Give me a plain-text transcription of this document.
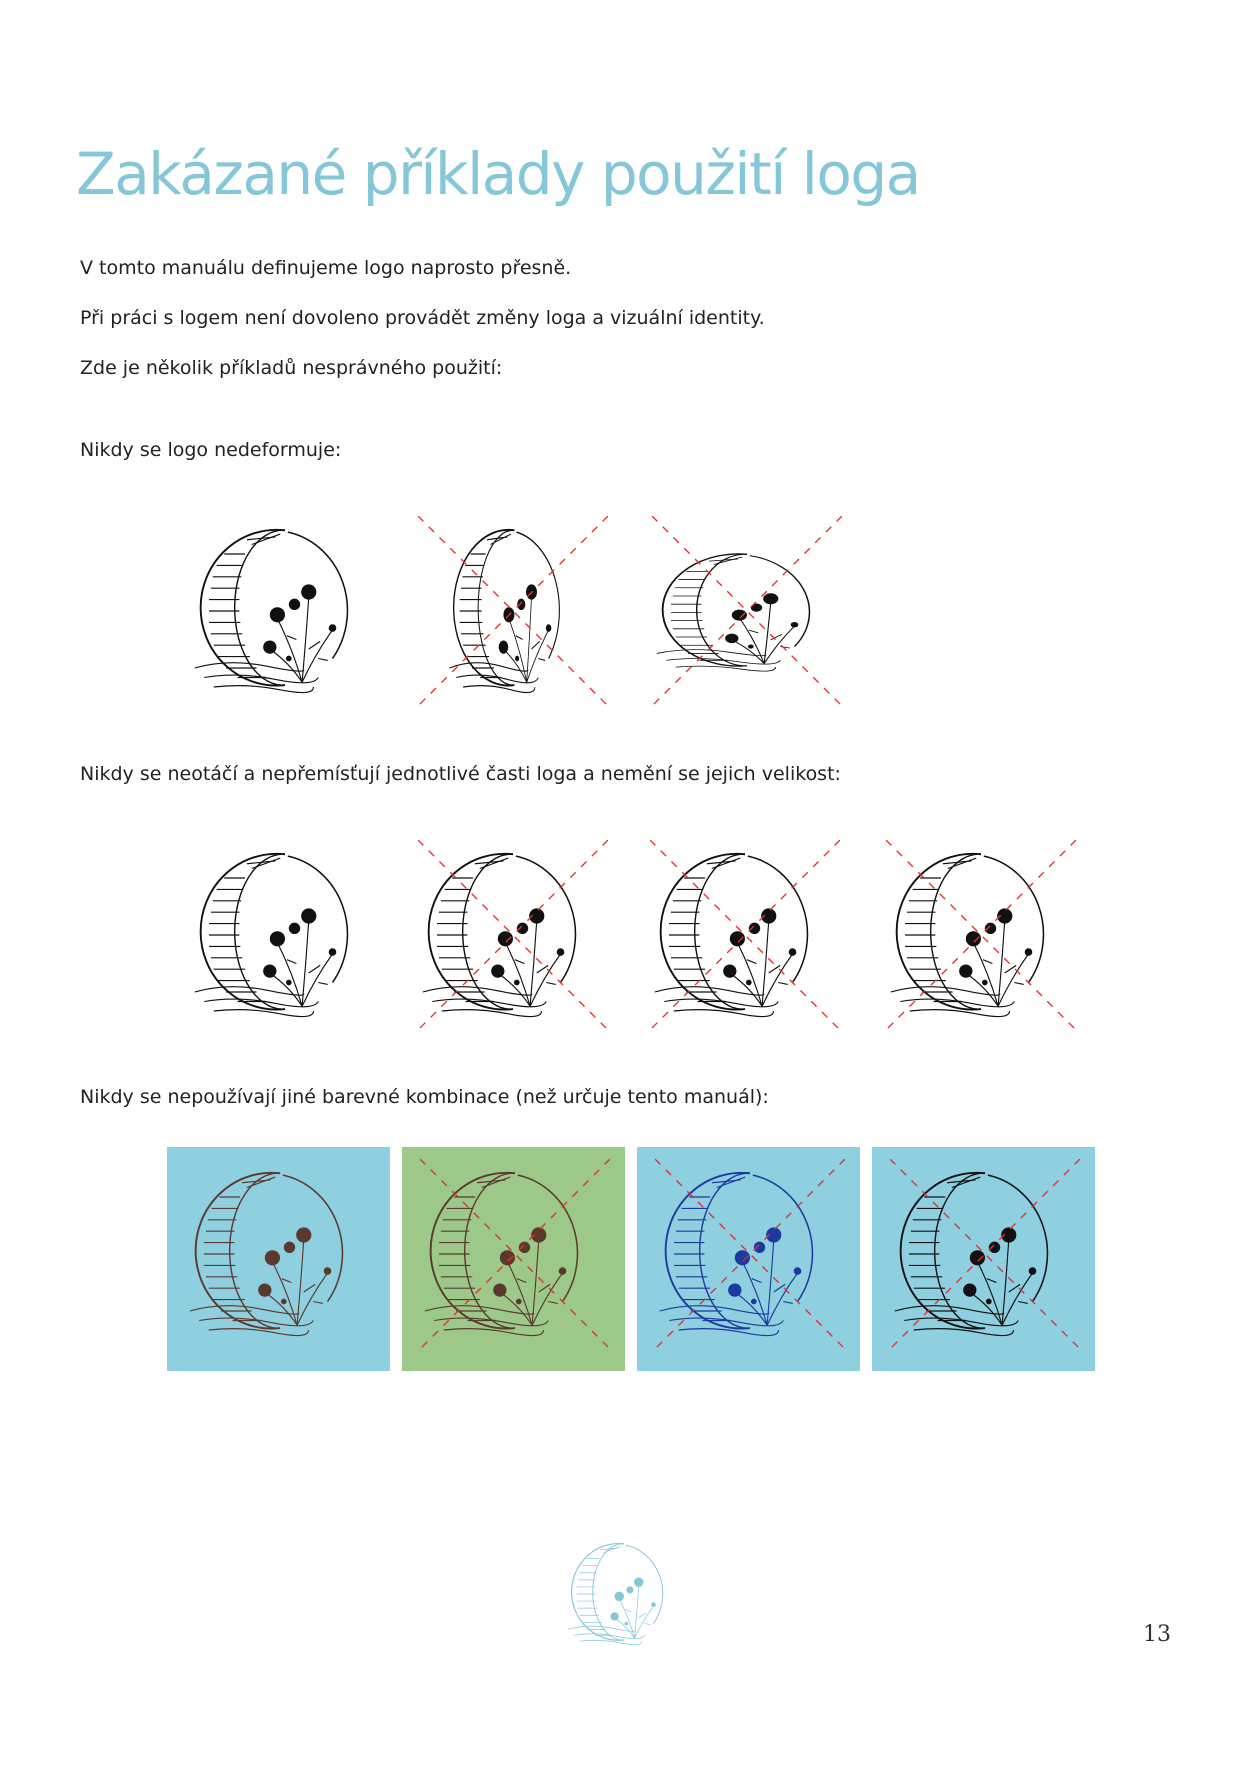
Zakázané příklady použití loga

V tomto manuálu definujeme logo naprosto přesně.

Při práci s logem není dovoleno provádět změny loga a vizuální identity.

Zde je několik příkladů nesprávného použití:

Nikdy se logo nedeformuje:

Nikdy se neotáčí a nepřemísťují jednotlivé časti loga a nemění se jejich velikost:

Nikdy se nepoužívají jiné barevné kombinace (než určuje tento manuál):

13
